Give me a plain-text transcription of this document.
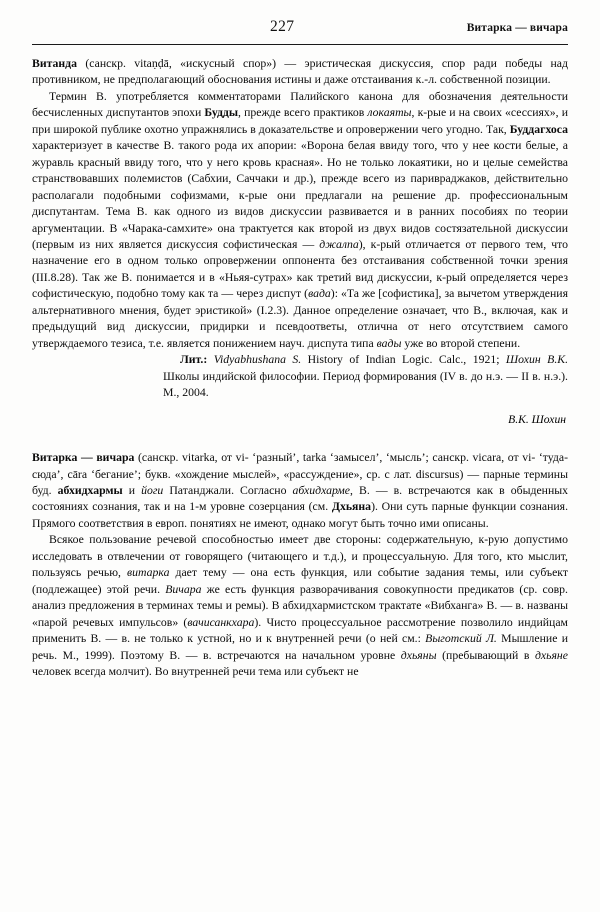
227	Витарка — вичара

Витанда (санскр. vitaṇḍā, «искусный спор») — эристическая дискуссия, спор ради победы над противником, не предполагающий обоснования истины и даже отстаивания к.-л. собственной позиции.

Термин В. употребляется комментаторами Палийского канона для обозначения деятельности бесчисленных диспутантов эпохи Будды, прежде всего практиков локаяты, к-рые и на своих «сессиях», и при широкой публике охотно упражнялись в доказательстве и опровержении чего угодно. Так, Буддагхоса характеризует в качестве В. такого рода их апории: «Ворона белая ввиду того, что у нее кости белые, а журавль красный ввиду того, что у него кровь красная». Но не только локаятики, но и целые семейства странствовавших полемистов (Сабхии, Саччаки и др.), прежде всего из паривраджаков, действительно располагали подобными софизмами, к-рые они предлагали на решение др. профессиональным диспутантам. Тема В. как одного из видов дискуссии развивается и в ранних пособиях по теории аргументации. В «Чарака-самхите» она трактуется как второй из двух видов состязательной дискуссии (первым из них является дискуссия софистическая — джалпа), к-рый отличается от первого тем, что назначение его в одном только опровержении оппонента без отстаивания собственной точки зрения (III.8.28). Так же В. понимается и в «Ньяя-сутрах» как третий вид дискуссии, к-рый определяется через софистическую, подобно тому как та — через диспут (вада): «Та же [софистика], за вычетом утверждения альтернативного мнения, будет эристикой» (I.2.3). Данное определение означает, что В., включая, как и предыдущий вид дискуссии, придирки и псевдоответы, отлична от него отсутствием самого утверждаемого тезиса, т.е. является понижением науч. диспута типа вады уже во второй степени.

Лит.: Vidyabhushana S. History of Indian Logic. Calc., 1921; Шохин В.К. Школы индийской философии. Период формирования (IV в. до н.э. — II в. н.э.). М., 2004.

В.К. Шохин

Витарка — вичара (санскр. vitarka, от vi- ‘разный’, tarka ‘замысел’, ‘мысль’; санскр. vicara, от vi- ‘туда-сюда’, cāra ‘бегание’; букв. «хождение мыслей», «рассуждение», ср. с лат. discursus) — парные термины буд. абхидхармы и йоги Патанджали. Согласно абхидхарме, В. — в. встречаются как в обыденных состояниях сознания, так и на 1-м уровне созерцания (см. Дхьяна). Они суть парные функции сознания. Прямого соответствия в европ. понятиях не имеют, однако могут быть точно ими описаны.

Всякое пользование речевой способностью имеет две стороны: содержательную, к-рую допустимо исследовать в отвлечении от говорящего (читающего и т.д.), и процессуальную. Для того, кто мыслит, пользуясь речью, витарка дает тему — она есть функция, или событие задания темы, или субъект (подлежащее) этой речи. Вичара же есть функция разворачивания совокупности предикатов (ср. совр. анализ предложения в терминах темы и ремы). В абхидхармистском трактате «Вибханга» В. — в. названы «парой речевых импульсов» (вачисанкхара). Чисто процессуальное рассмотрение позволило индийцам применить В. — в. не только к устной, но и к внутренней речи (о ней см.: Выготский Л. Мышление и речь. М., 1999). Поэтому В. — в. встречаются на начальном уровне дхьяны (пребывающий в дхьяне человек всегда молчит). Во внутренней речи тема или субъект не
